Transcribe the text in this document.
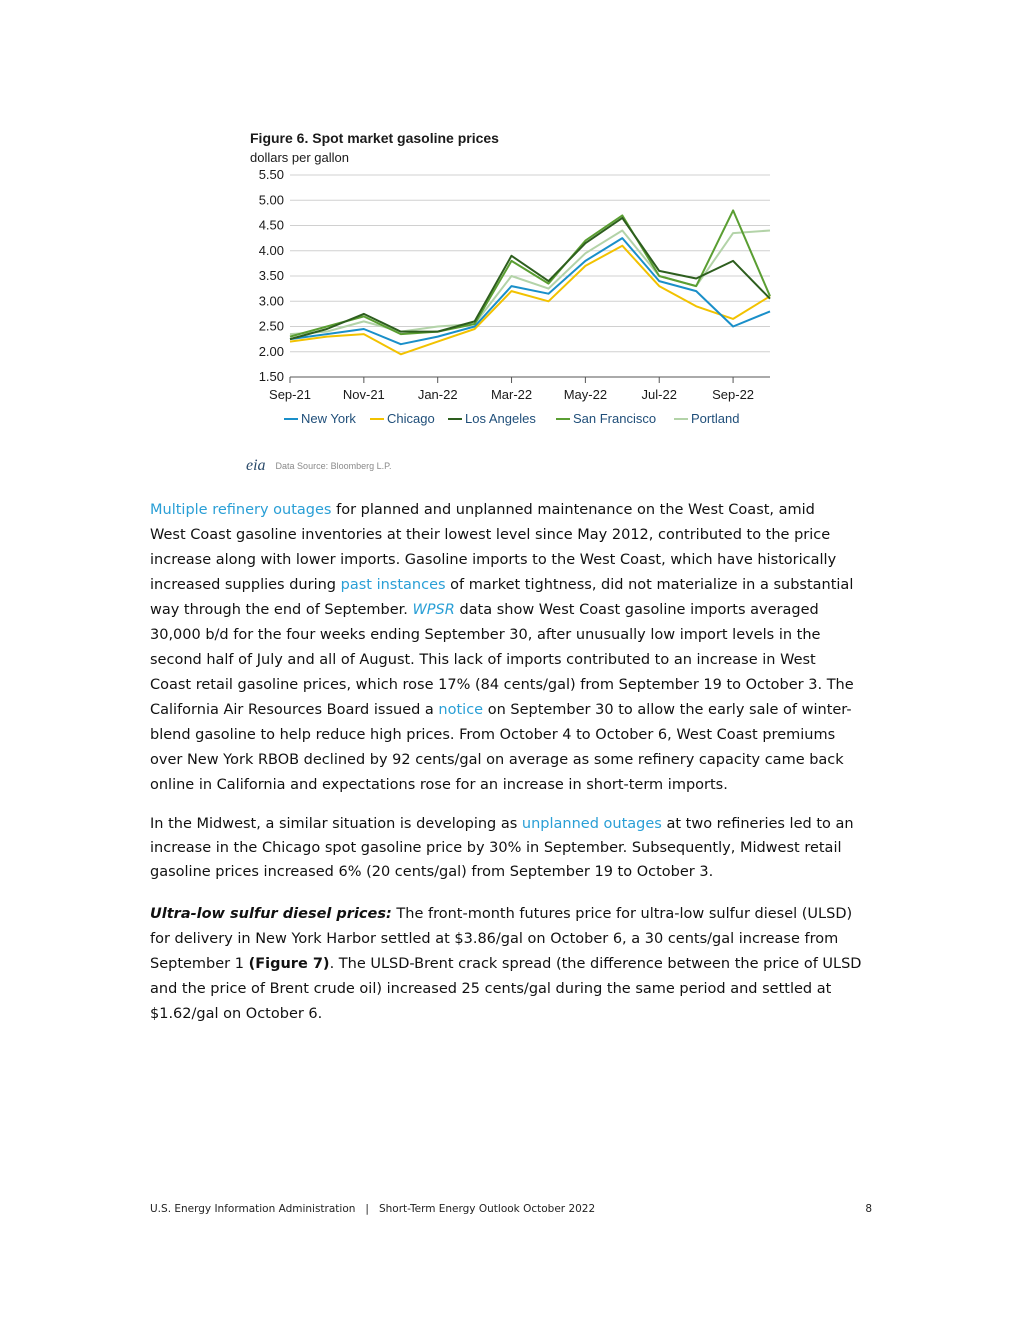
Figure 6. Spot market gasoline prices
dollars per gallon
5.50
5.00
4.50
4.00
3.50
3.00
2.50
2.00
1.50
Sep-21 Nov-21	Jan-22	Mar-22 May-22	Jul-22	Sep-22
New York Chicago Los Angeles	San Francisco	Portland
eia Data Source: Bloomberg L.P.
Multiple refinery outages for planned and unplanned maintenance on the West Coast, amid
West Coast gasoline inventories at their lowest level since May 2012, contributed to the price
increase along with lower imports. Gasoline imports to the West Coast, which have historically
increased supplies during past instances of market tightness, did not materialize in a substantial
way through the end of September. WPSR data show West Coast gasoline imports averaged
30,000 b/d for the four weeks ending September 30, after unusually low import levels in the
second half of July and all of August. This lack of imports contributed to an increase in West
Coast retail gasoline prices, which rose 17% (84 cents/gal) from September 19 to October 3. The
California Air Resources Board issued a notice on September 30 to allow the early sale of winter-
blend gasoline to help reduce high prices. From October 4 to October 6, West Coast premiums
over New York RBOB declined by 92 cents/gal on average as some refinery capacity came back
online in California and expectations rose for an increase in short-term imports.
In the Midwest, a similar situation is developing as unplanned outages at two refineries led to an
increase in the Chicago spot gasoline price by 30% in September. Subsequently, Midwest retail
gasoline prices increased 6% (20 cents/gal) from September 19 to October 3.
Ultra-low sulfur diesel prices: The front-month futures price for ultra-low sulfur diesel (ULSD)
for delivery in New York Harbor settled at $3.86/gal on October 6, a 30 cents/gal increase from
September 1 (Figure 7). The ULSD-Brent crack spread (the difference between the price of ULSD
and the price of Brent crude oil) increased 25 cents/gal during the same period and settled at
$1.62/gal on October 6.
U.S. Energy Information Administration   |   Short-Term Energy Outlook October 2022	8
